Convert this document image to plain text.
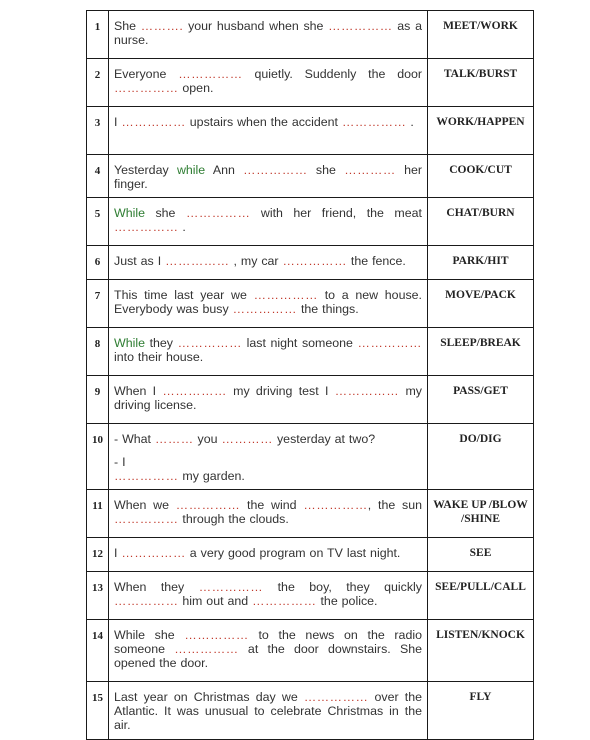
1	She ………. your husband when she …………… as a nurse.	MEET/WORK
2	Everyone …………… quietly. Suddenly the door …………… open.	TALK/BURST
3	I …………… upstairs when the accident …………… .	WORK/HAPPEN
4	Yesterday while Ann …………… she ………… her finger.	COOK/CUT
5	While she …………… with her friend, the meat …………… .	CHAT/BURN
6	Just as I …………… , my car …………… the fence.	PARK/HIT
7	This time last year we …………… to a new house. Everybody was busy …………… the things.	MOVE/PACK
8	While they …………… last night someone …………… into their house.	SLEEP/BREAK
9	When I …………… my driving test I …………… my driving license.	PASS/GET
10	- What ……… you ………… yesterday at two?
- I
…………… my garden.	DO/DIG
11	When we …………… the wind ……………, the sun …………… through the clouds.	WAKE UP /BLOW /SHINE
12	I …………… a very good program on TV last night.	SEE
13	When they …………… the boy, they quickly …………… him out and …………… the police.	SEE/PULL/CALL
14	While she …………… to the news on the radio someone …………… at the door downstairs. She opened the door.	LISTEN/KNOCK
15	Last year on Christmas day we …………… over the Atlantic. It was unusual to celebrate Christmas in the air.	FLY
